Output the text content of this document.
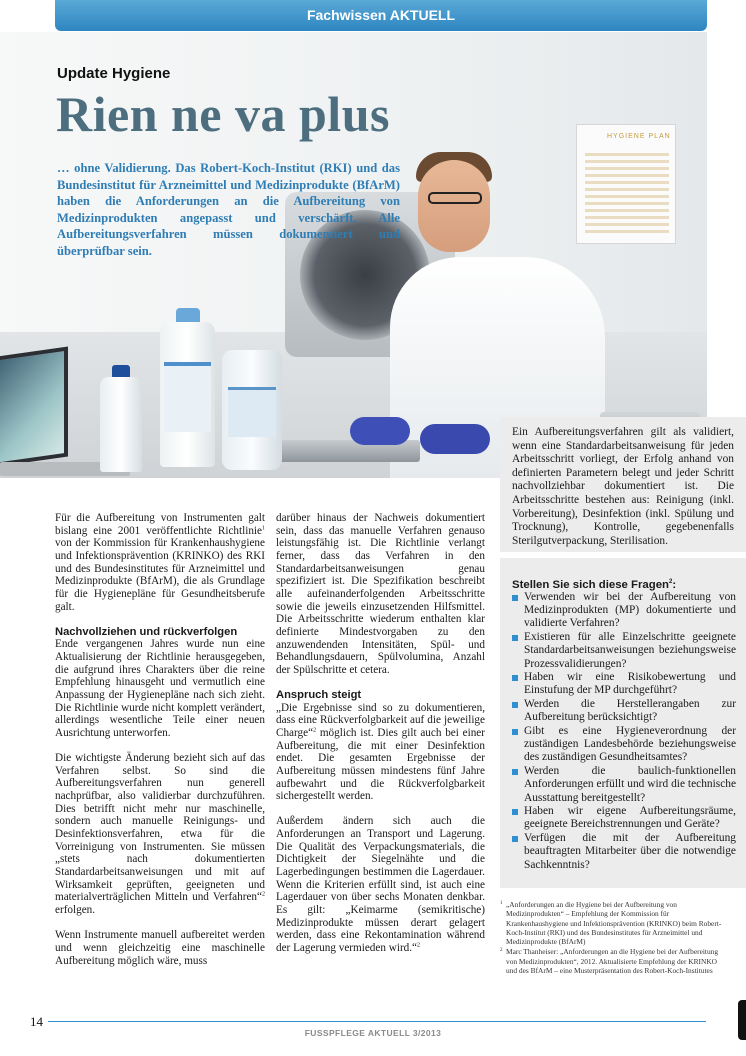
Fachwissen AKTUELL
HYGIENE PLAN
Update Hygiene
Rien ne va plus
… ohne Validierung. Das Robert-Koch-Institut (RKI) und das Bundesinstitut für Arzneimittel und Medizinprodukte (BfArM) haben die Anforderungen an die Aufbereitung von Medizinprodukten angepasst und verschärft. Alle Aufbereitungsverfahren müssen dokumentiert und überprüfbar sein.
Ein Aufbereitungsverfahren gilt als validiert, wenn eine Standardarbeitsanweisung für jeden Arbeitsschritt vorliegt, der Erfolg anhand von definierten Parametern belegt und jeder Schritt nachvollziehbar dokumentiert ist. Die Arbeitsschritte bestehen aus: Reinigung (inkl. Vorbereitung), Desinfektion (inkl. Spülung und Trocknung), Kontrolle, gegebenenfalls Sterilgutverpackung, Sterilisation.
Stellen Sie sich diese Fragen$^2$:
Verwenden wir bei der Aufbereitung von Medizinprodukten (MP) dokumentierte und validierte Verfahren?
Existieren für alle Einzelschritte geeignete Standardarbeitsanweisungen beziehungsweise Prozessvalidierungen?
Haben wir eine Risikobewertung und Einstufung der MP durchgeführt?
Werden die Herstellerangaben zur Aufbereitung berücksichtigt?
Gibt es eine Hygieneverordnung der zuständigen Landesbehörde beziehungsweise des zuständigen Gesundheitsamtes?
Werden die baulich-funktionellen Anforderungen erfüllt und wird die technische Ausstattung bereitgestellt?
Haben wir eigene Aufbereitungsräume, geeignete Bereichstrennungen und Geräte?
Verfügen die mit der Aufbereitung beauftragten Mitarbeiter über die notwendige Sachkenntnis?

1 „Anforderungen an die Hygiene bei der Aufbereitung von Medizinprodukten“ – Empfehlung der Kommission für Krankenhaushygiene und Infektionsprävention (KRINKO) beim Robert-Koch-Institut (RKI) und des Bundesinstitutes für Arzneimittel und Medizinprodukte (BfArM)

2 Marc Thanheiser: „Anforderungen an die Hygiene bei der Aufbereitung von Medizinprodukten“, 2012. Aktualisierte Empfehlung der KRINKO und des BfArM – eine Musterpräsentation des Robert-Koch-Institutes

Für die Aufbereitung von Instrumenten galt bislang eine 2001 veröffentlichte Richtlinie$^1$ von der Kommission für Krankenhaushygiene und Infektionsprävention (KRINKO) des RKI und des Bundesinstitutes für Arzneimittel und Medizinprodukte (BfArM), die als Grundlage für die Hygienepläne für Gesundheitsberufe galt.

Nachvollziehen und rückverfolgen

Ende vergangenen Jahres wurde nun eine Aktualisierung der Richtlinie herausgegeben, die aufgrund ihres Charakters über die reine Empfehlung hinausgeht und vermutlich eine Anpassung der Hygienepläne nach sich zieht. Die Richtlinie wurde nicht komplett verändert, allerdings wesentliche Teile einer neuen Ausrichtung unterworfen.

Die wichtigste Änderung bezieht sich auf das Verfahren selbst. So sind die Aufbereitungsverfahren nun generell nachprüfbar, also validierbar durchzuführen. Dies betrifft nicht mehr nur maschinelle, sondern auch manuelle Reinigungs- und Desinfektionsverfahren, etwa für die Vorreinigung von Instrumenten. Sie müssen „stets nach dokumentierten Standardarbeitsanweisungen und mit auf Wirksamkeit geprüften, geeigneten und materialverträglichen Mitteln und Verfahren“$^2$ erfolgen.

Wenn Instrumente manuell aufbereitet werden und wenn gleichzeitig eine maschinelle Aufbereitung möglich wäre, muss

darüber hinaus der Nachweis dokumentiert sein, dass das manuelle Verfahren genauso leistungsfähig ist. Die Richtlinie verlangt ferner, dass das Verfahren in den Standardarbeitsanweisungen genau spezifiziert ist. Die Spezifikation beschreibt alle aufeinanderfolgenden Arbeitsschritte sowie die jeweils einzusetzenden Hilfsmittel. Die Arbeitsschritte wiederum enthalten klar definierte Mindestvorgaben zu den anzuwendenden Intensitäten, Spül- und Behandlungsdauern, Spülvolumina, Anzahl der Spülschritte et cetera.

Anspruch steigt

„Die Ergebnisse sind so zu dokumentieren, dass eine Rückverfolgbarkeit auf die jeweilige Charge“$^2$ möglich ist. Dies gilt auch bei einer Aufbereitung, die mit einer Desinfektion endet. Die gesamten Ergebnisse der Aufbereitung müssen mindestens fünf Jahre aufbewahrt und die Rückverfolgbarkeit sichergestellt werden.

Außerdem ändern sich auch die Anforderungen an Transport und Lagerung. Die Qualität des Verpackungsmaterials, die Dichtigkeit der Siegelnähte und die Lagerbedingungen bestimmen die Lagerdauer. Wenn die Kriterien erfüllt sind, ist auch eine Lagerdauer von über sechs Monaten denkbar. Es gilt: „Keimarme (semikritische) Medizinprodukte müssen derart gelagert werden, dass eine Rekontamination während der Lagerung vermieden wird.“$^2$

14
FUSSPFLEGE AKTUELL 3/2013
